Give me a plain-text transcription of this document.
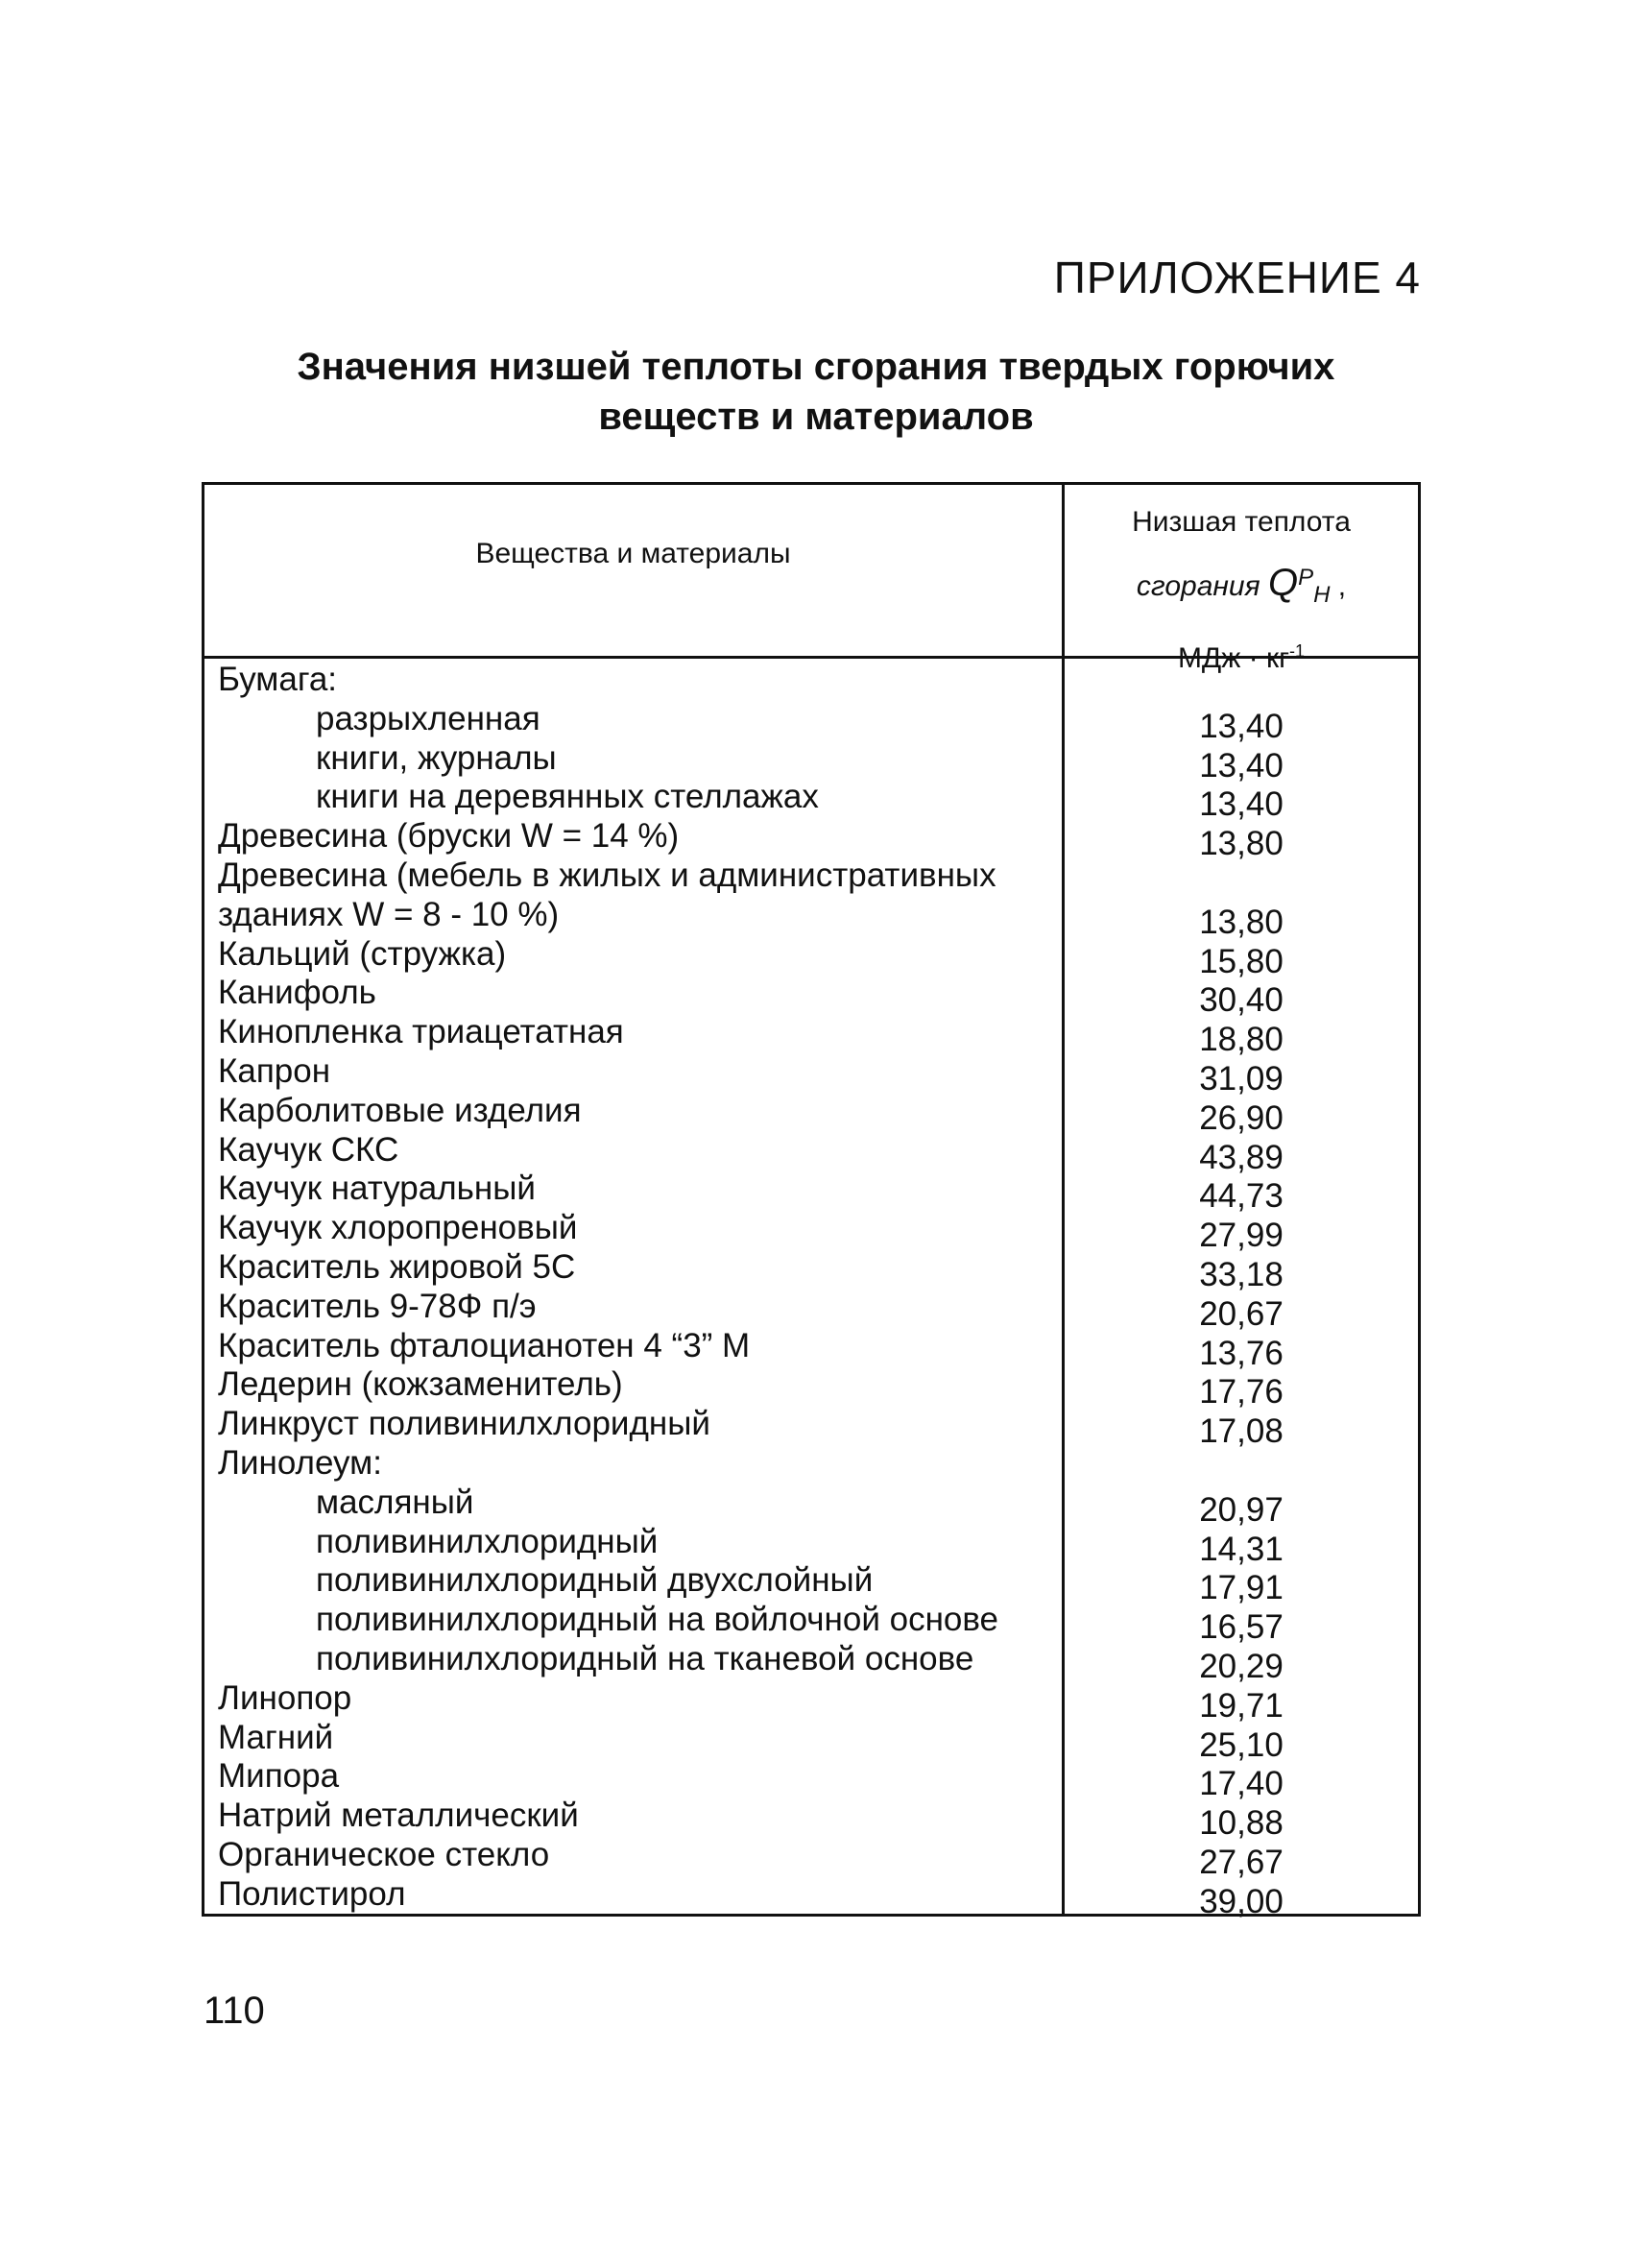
ПРИЛОЖЕНИЕ 4
Значения низшей теплоты сгорания твердых горючих
веществ и материалов
Вещества и материалы
Низшая теплота
сгорания $Q^P_H$ ,
МДж · $кг^{-1}$
Бумага:
разрыхленная	13,40
книги, журналы	13,40
книги на деревянных стеллажах	13,40
Древесина (бруски W = 14 %)	13,80
Древесина (мебель в жилых и административных
зданиях W = 8 - 10 %)	13,80
Кальций (стружка)	15,80
Канифоль	30,40
Кинопленка триацетатная	18,80
Капрон	31,09
Карболитовые изделия	26,90
Каучук СКС	43,89
Каучук натуральный	44,73
Каучук хлоропреновый	27,99
Краситель жировой 5С	33,18
Краситель 9-78Ф п/э	20,67
Краситель фталоцианотен 4 “3” М	13,76
Ледерин (кожзаменитель)	17,76
Линкруст поливинилхлоридный	17,08
Линолеум:
масляный	20,97
поливинилхлоридный	14,31
поливинилхлоридный двухслойный	17,91
поливинилхлоридный на войлочной основе	16,57
поливинилхлоридный на тканевой основе	20,29
Линопор	19,71
Магний	25,10
Мипора	17,40
Натрий металлический	10,88
Органическое стекло	27,67
Полистирол	39,00
110
